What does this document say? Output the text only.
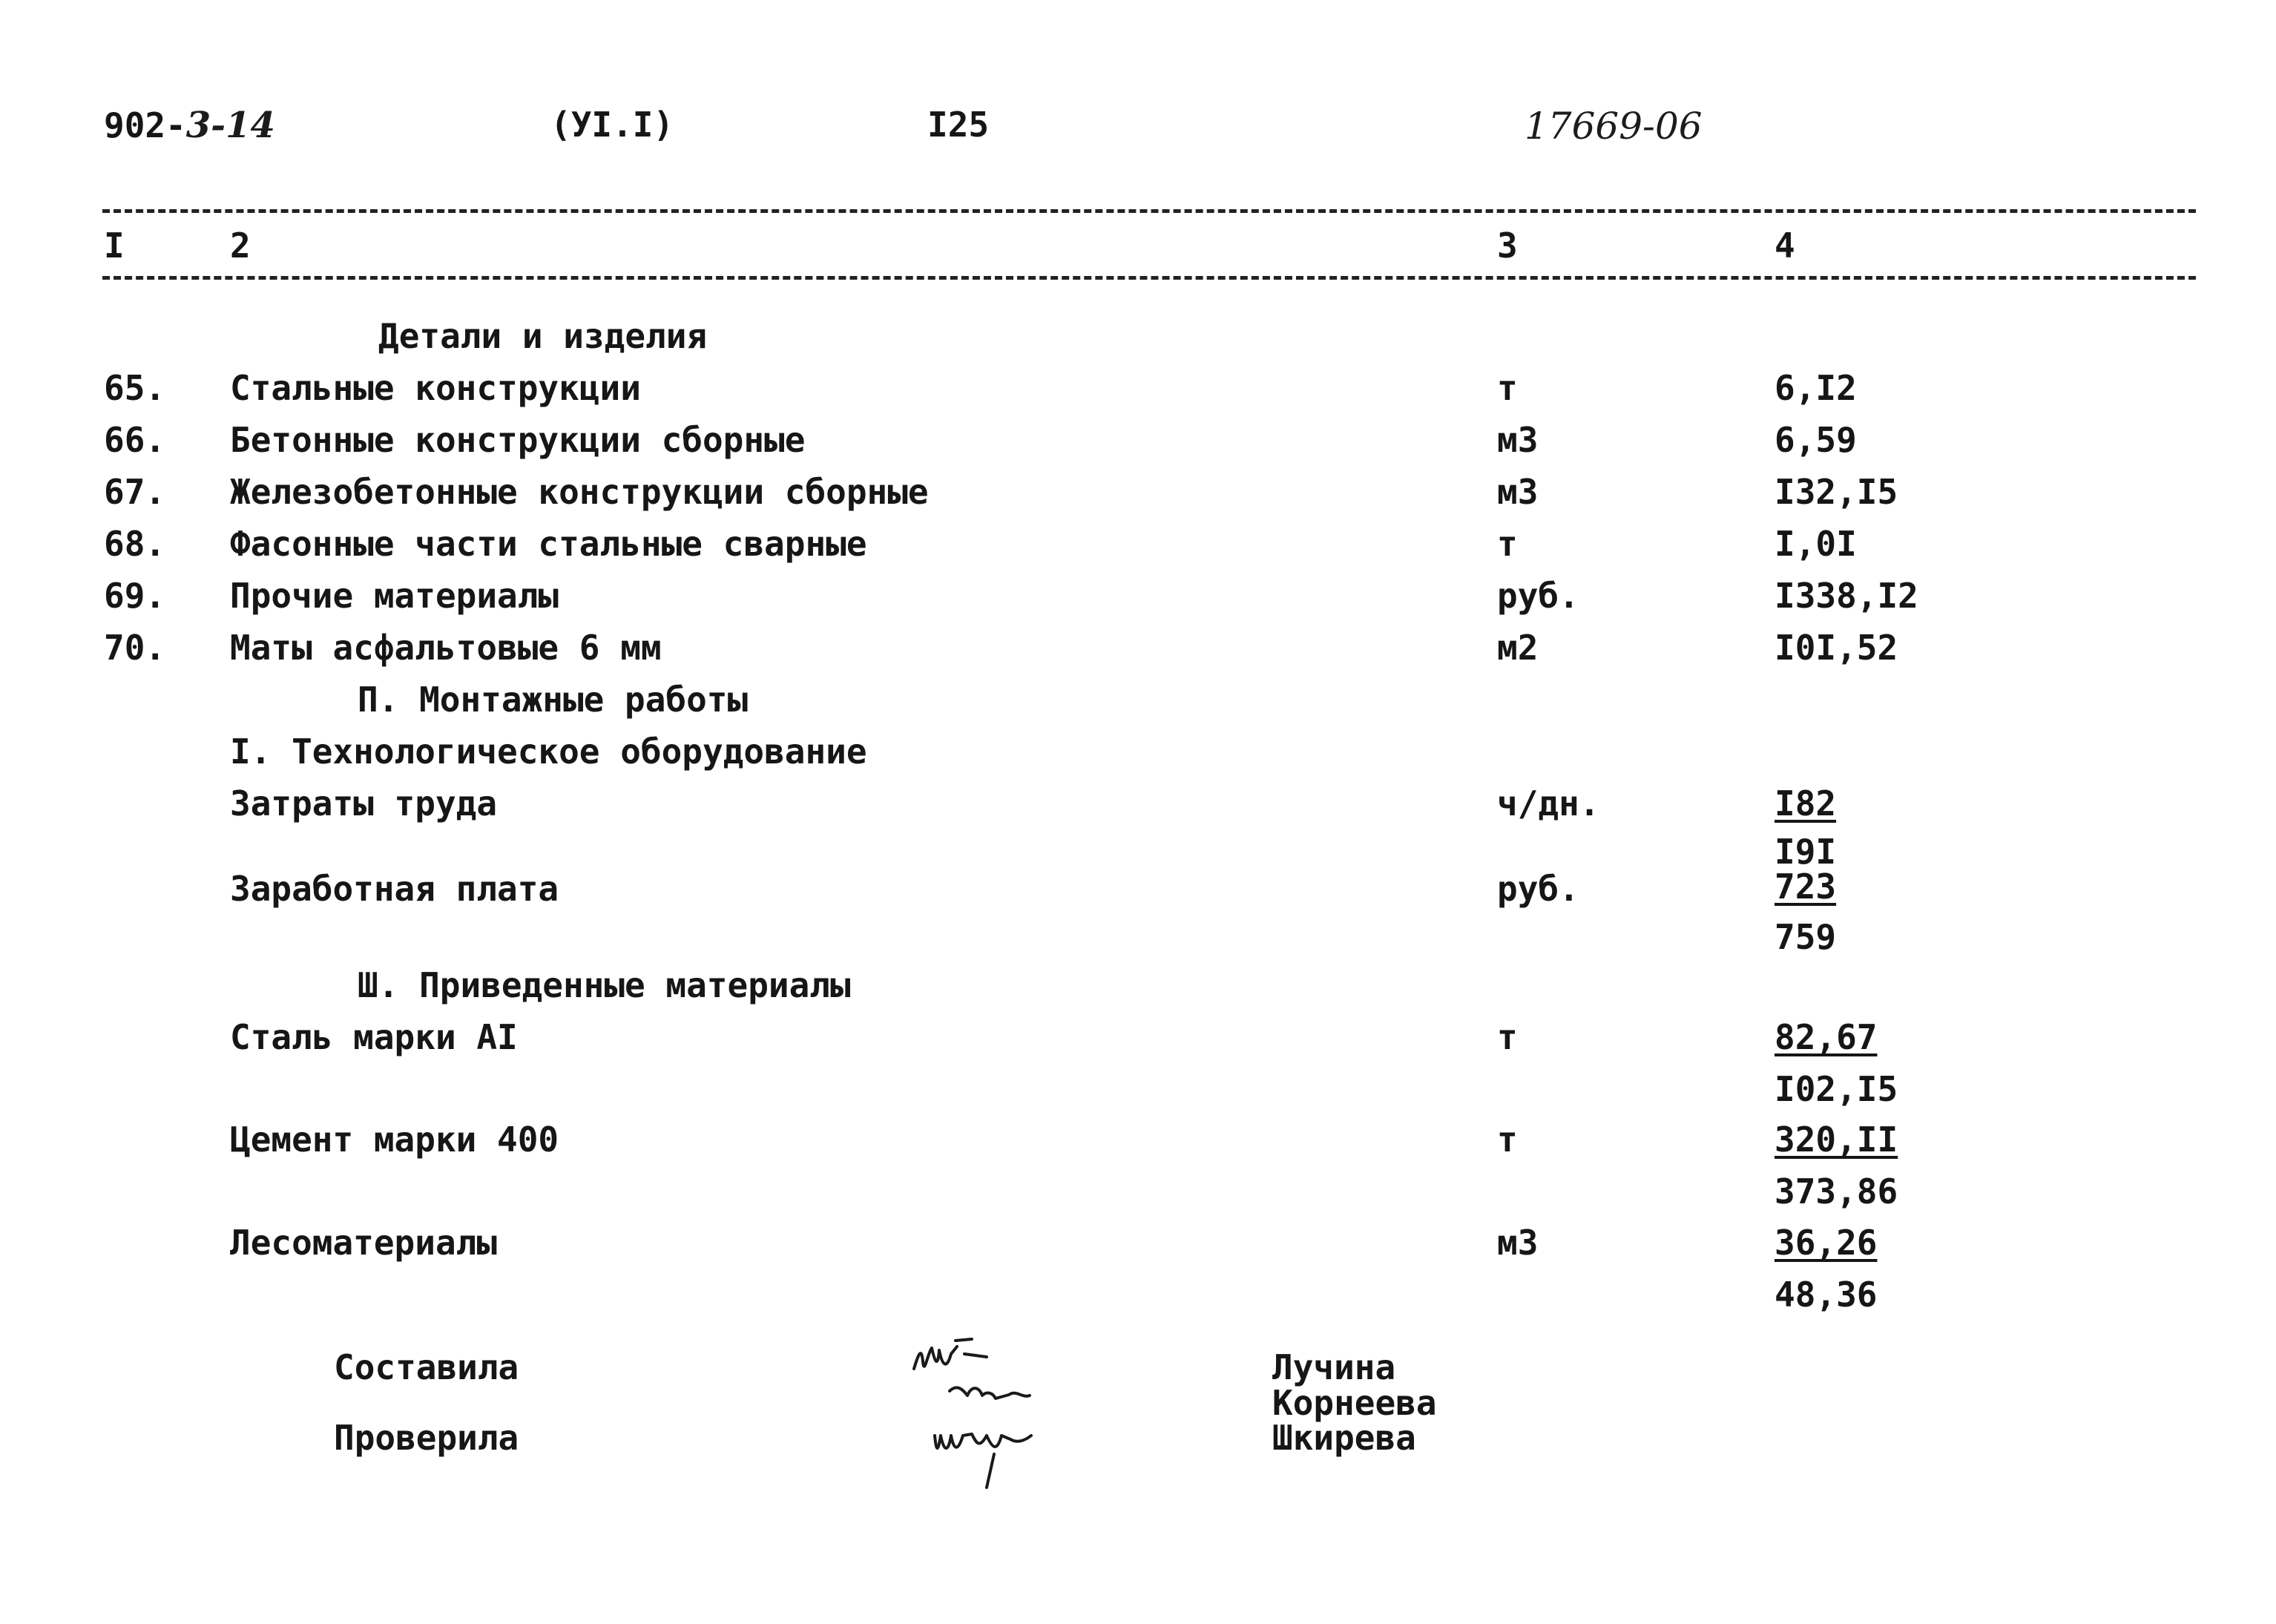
902-3-14	(УI.I)	I25	17669-06
I	2	3	4
Детали и изделия
65. Стальные конструкции	т	6,I2
66. Бетонные конструкции сборные	м3	6,59
67. Железобетонные конструкции сборные	м3	I32,I5
68. Фасонные части стальные сварные	т	I,0I
69. Прочие материалы	руб.	I338,I2
70. Маты асфальтовые 6 мм	м2	I0I,52
П. Монтажные работы
I. Технологическое оборудование
Затраты труда	ч/дн.	I82
I9I
Заработная плата	руб.	723
759
Ш. Приведенные материалы
Сталь марки АI	т	82,67
I02,I5
Цемент марки 400	т	320,II
373,86
Лесоматериалы	м3	36,26
48,36
Составила
Проверила
Лучина
Корнеева
Шкирева
